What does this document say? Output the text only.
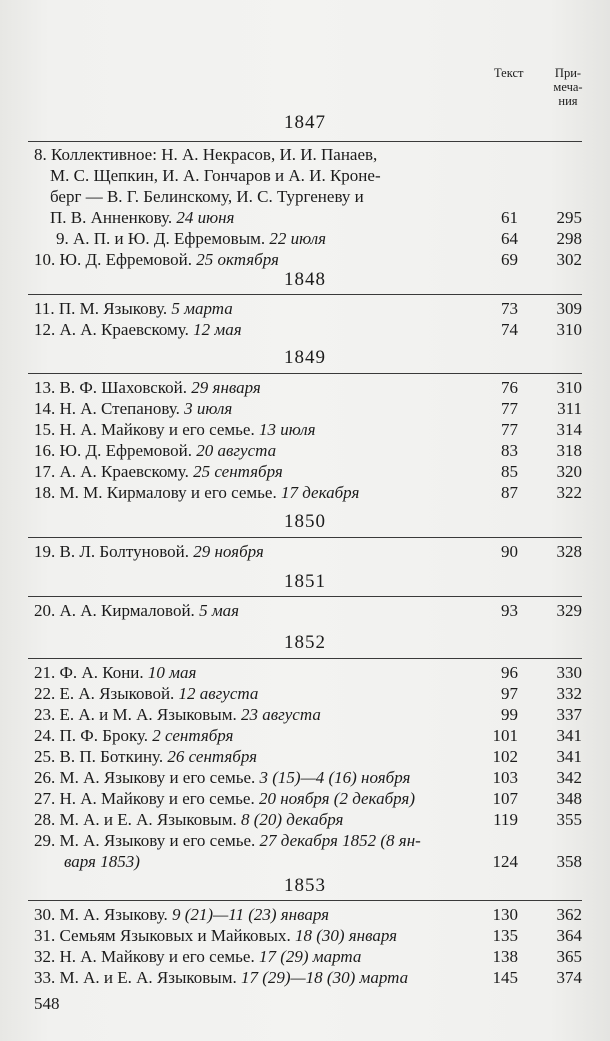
Текст	При-
меча-
ния
1847
8. Коллективное: Н. А. Некрасов, И. И. Панаев,
М. С. Щепкин, И. А. Гончаров и А. И. Кроне-
берг — В. Г. Белинскому, И. С. Тургеневу и
П. В. Анненкову. 24 июня	61	295
9. А. П. и Ю. Д. Ефремовым. 22 июля	64	298
10. Ю. Д. Ефремовой. 25 октября	69	302
1848
11. П. М. Языкову. 5 марта	73	309
12. А. А. Краевскому. 12 мая	74	310
1849
13. В. Ф. Шаховской. 29 января	76	310
14. Н. А. Степанову. 3 июля	77	311
15. Н. А. Майкову и его семье. 13 июля	77	314
16. Ю. Д. Ефремовой. 20 августа	83	318
17. А. А. Краевскому. 25 сентября	85	320
18. М. М. Кирмалову и его семье. 17 декабря	87	322
1850
19. В. Л. Болтуновой. 29 ноября	90	328
1851
20. А. А. Кирмаловой. 5 мая	93	329
1852
21. Ф. А. Кони. 10 мая	96	330
22. Е. А. Языковой. 12 августа	97	332
23. Е. А. и М. А. Языковым. 23 августа	99	337
24. П. Ф. Броку. 2 сентября	101	341
25. В. П. Боткину. 26 сентября	102	341
26. М. А. Языкову и его семье. 3 (15)—4 (16) ноября	103	342
27. Н. А. Майкову и его семье. 20 ноября (2 декабря)	107	348
28. М. А. и Е. А. Языковым. 8 (20) декабря	119	355
29. М. А. Языкову и его семье. 27 декабря 1852 (8 ян-
варя 1853)	124	358
1853
30. М. А. Языкову. 9 (21)—11 (23) января	130	362
31. Семьям Языковых и Майковых. 18 (30) января	135	364
32. Н. А. Майкову и его семье. 17 (29) марта	138	365
33. М. А. и Е. А. Языковым. 17 (29)—18 (30) марта	145	374
548
